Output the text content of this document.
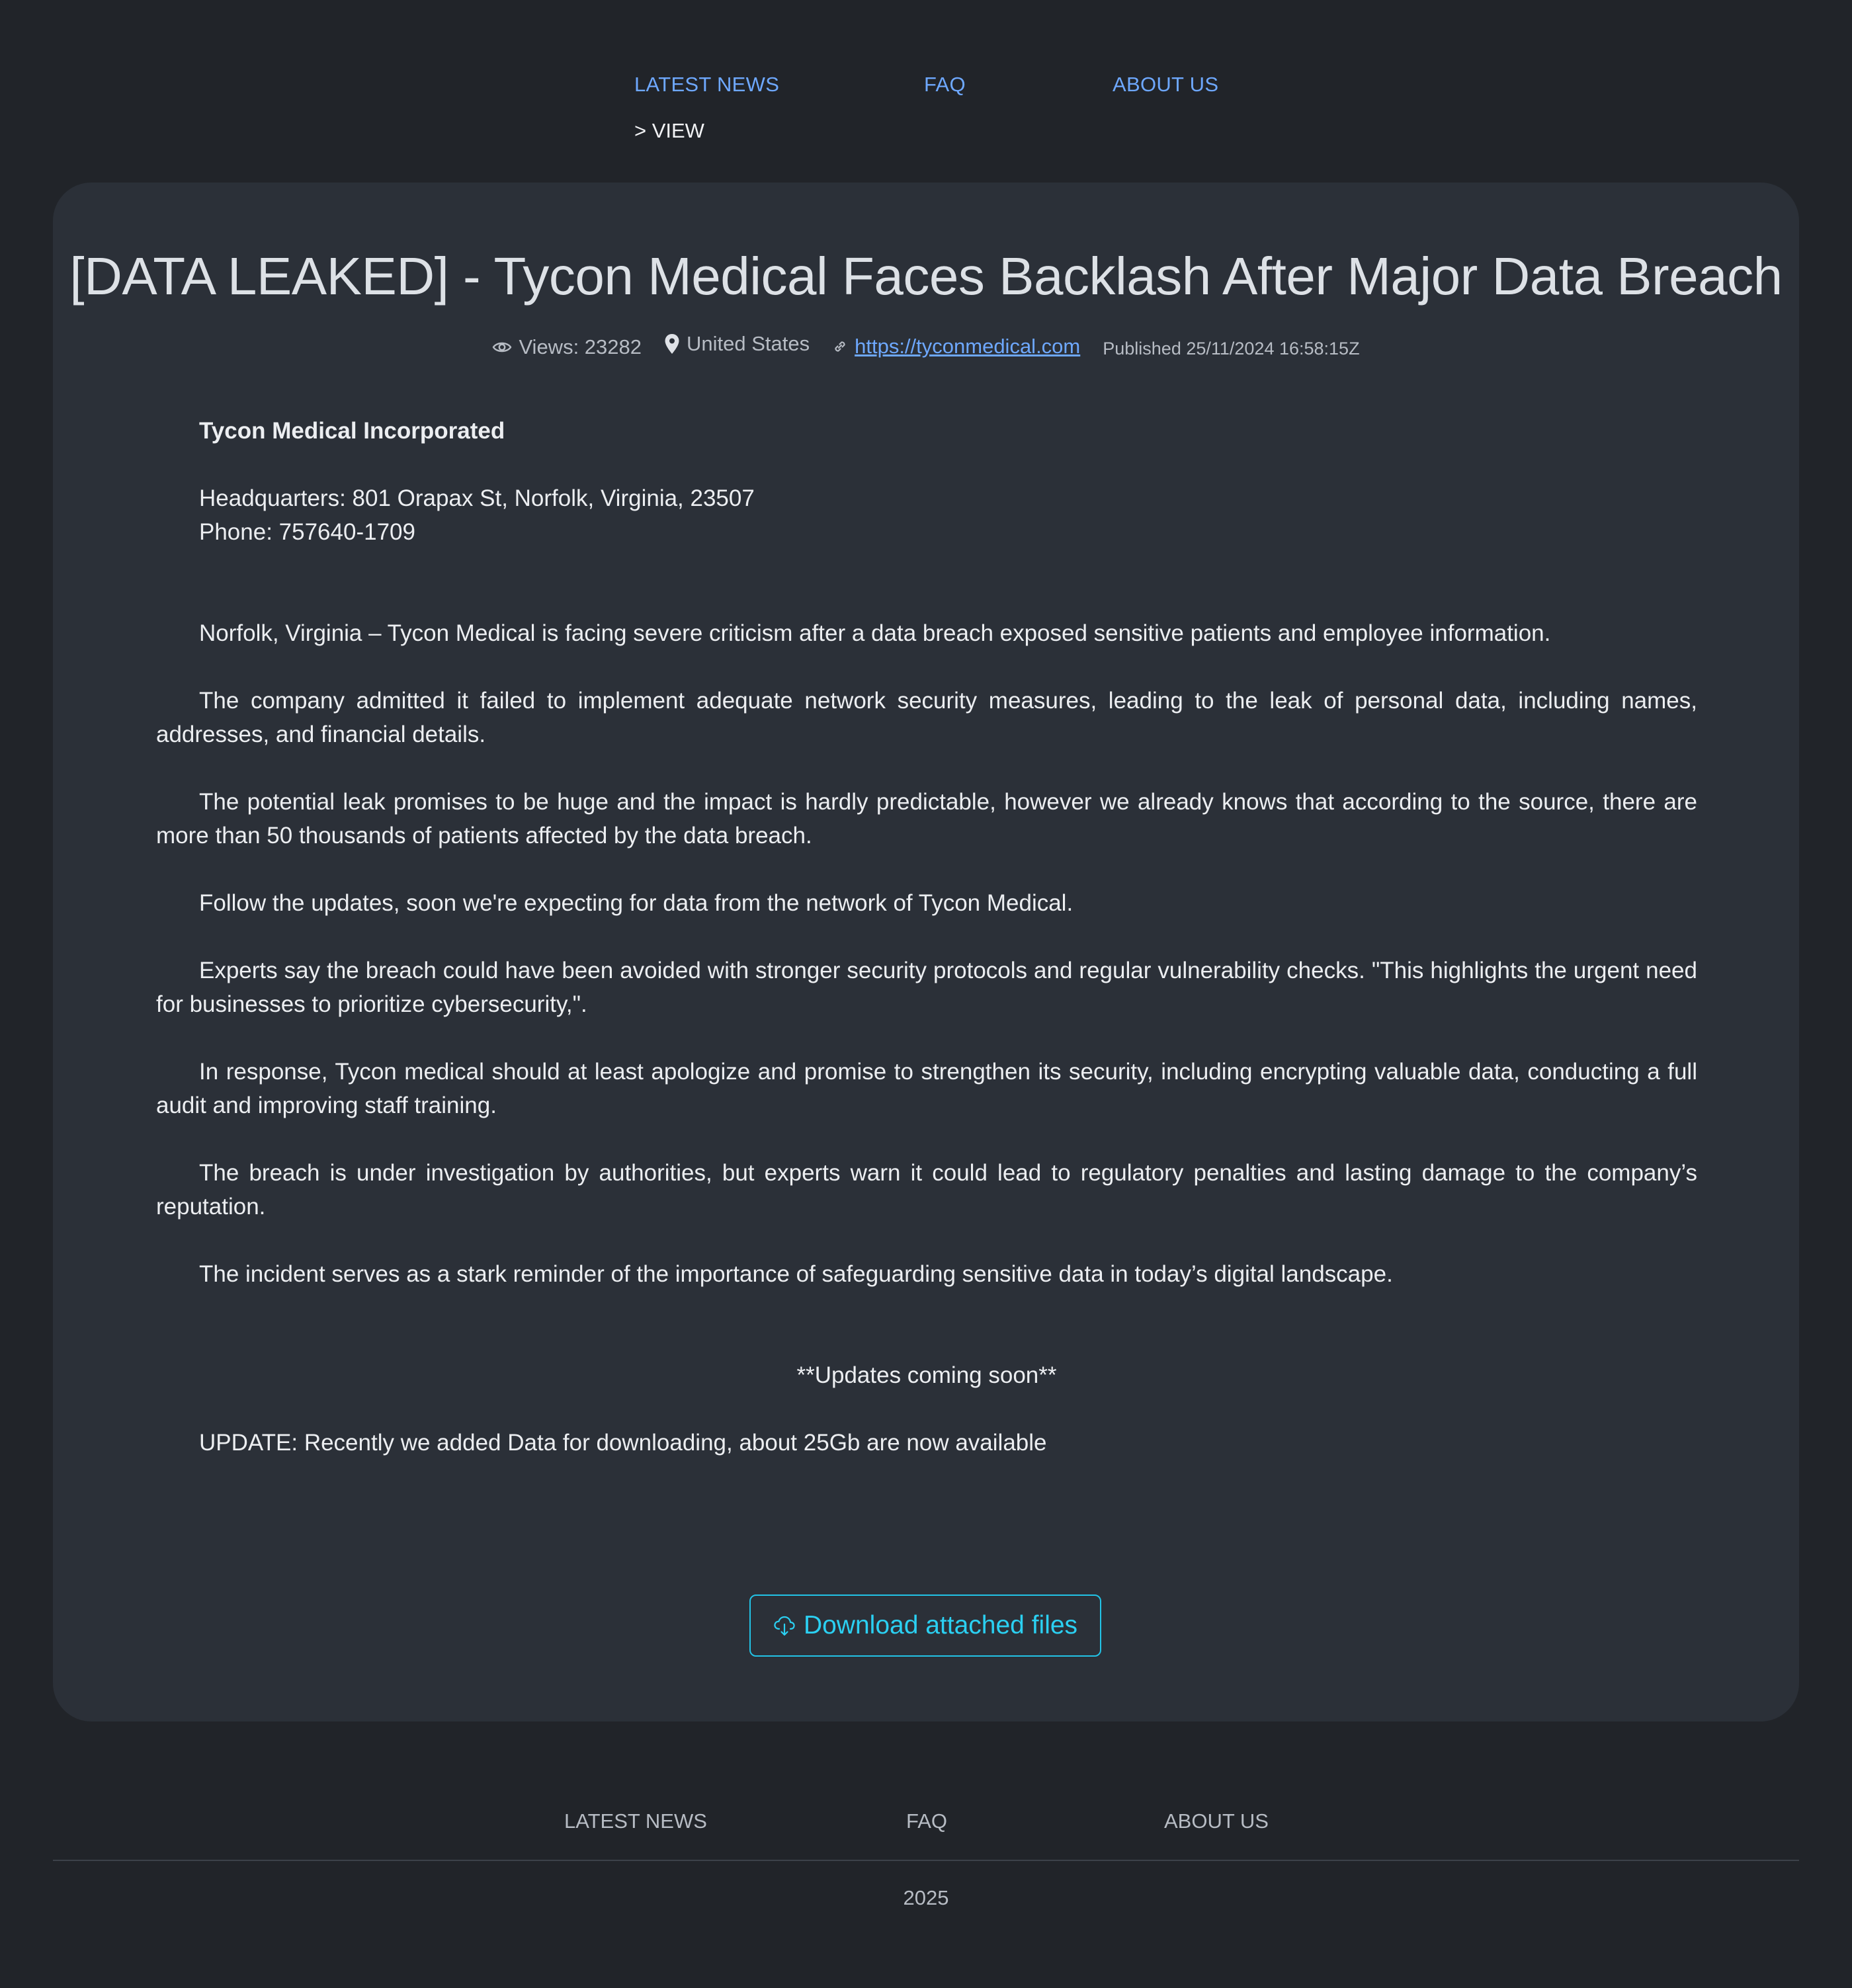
LATEST NEWS	FAQ	ABOUT US
> VIEW
[DATA LEAKED] - Tycon Medical Faces Backlash After Major Data Breach
Views: 23282 United States https://tyconmedical.com Published 25/11/2024 16:58:15Z

Tycon Medical Incorporated

Headquarters: 801 Orapax St, Norfolk, Virginia, 23507
Phone: 757640-1709

Norfolk, Virginia – Tycon Medical is facing severe criticism after a data breach exposed sensitive patients and employee information.

The company admitted it failed to implement adequate network security measures, leading to the leak of personal data, including names, addresses, and financial details.

The potential leak promises to be huge and the impact is hardly predictable, however we already knows that according to the source, there are more than 50 thousands of patients affected by the data breach.

Follow the updates, soon we're expecting for data from the network of Tycon Medical.

Experts say the breach could have been avoided with stronger security protocols and regular vulnerability checks. "This highlights the urgent need for businesses to prioritize cybersecurity,".

In response, Tycon medical should at least apologize and promise to strengthen its security, including encrypting valuable data, conducting a full audit and improving staff training.

The breach is under investigation by authorities, but experts warn it could lead to regulatory penalties and lasting damage to the company’s reputation.

The incident serves as a stark reminder of the importance of safeguarding sensitive data in today’s digital landscape.

**Updates coming soon**

UPDATE: Recently we added Data for downloading, about 25Gb are now available

Download attached files
LATEST NEWS	FAQ	ABOUT US
2025
